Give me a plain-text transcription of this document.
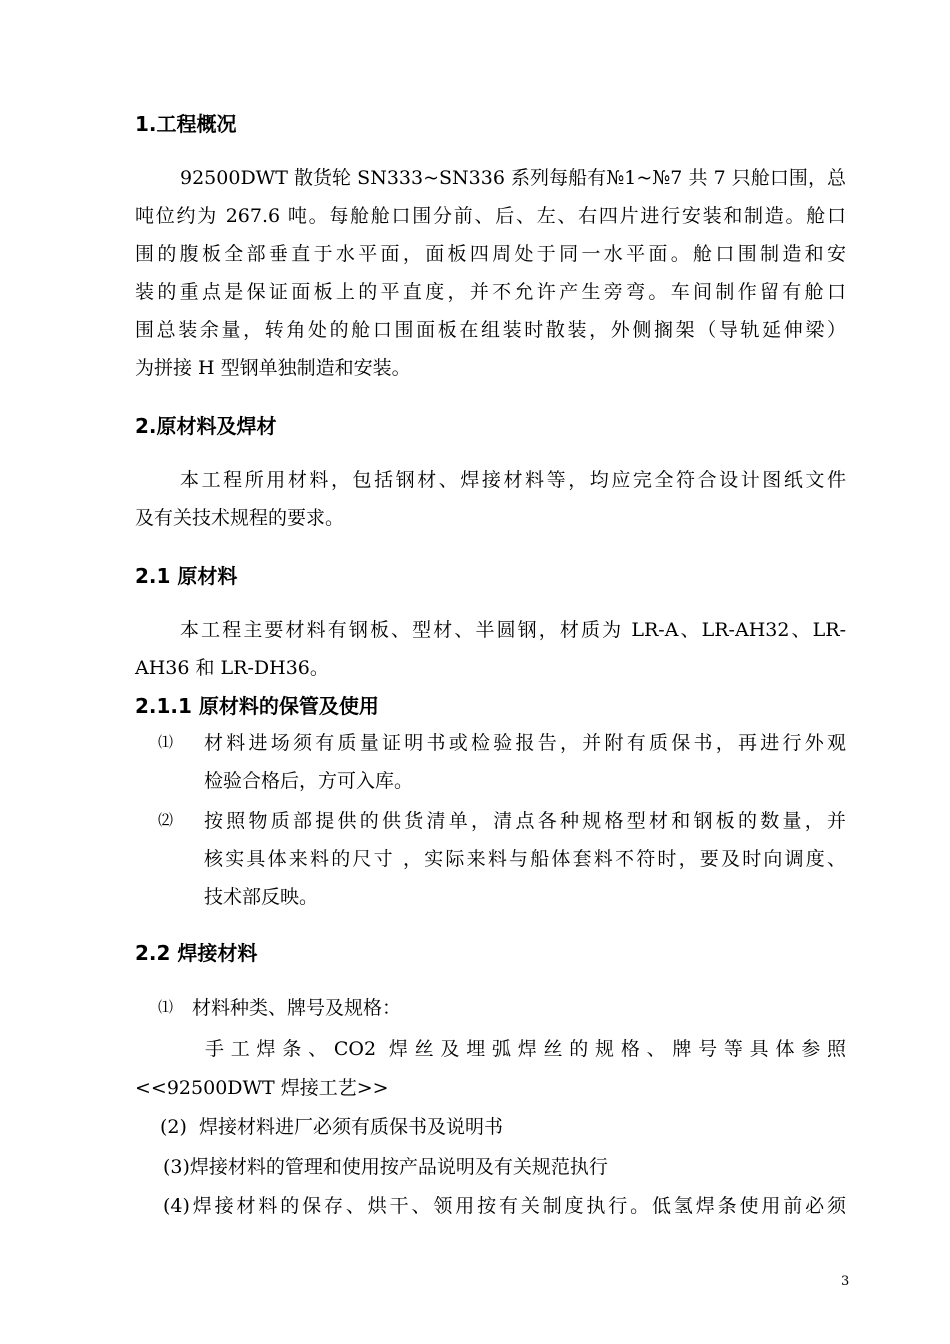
1.工程概况
92500DWT 散货轮 SN333~SN336 系列每船有№1~№7 共 7 只舱口围，总
吨位约为 267.6 吨。每舱舱口围分前、后、左、右四片进行安装和制造。舱口
围的腹板全部垂直于水平面，面板四周处于同一水平面。舱口围制造和安
装的重点是保证面板上的平直度，并不允许产生旁弯。车间制作留有舱口
围总装余量，转角处的舱口围面板在组装时散装，外侧搁架（导轨延伸梁）
为拼接 H 型钢单独制造和安装。
2.原材料及焊材
本工程所用材料，包括钢材、焊接材料等，均应完全符合设计图纸文件
及有关技术规程的要求。
2.1 原材料
本工程主要材料有钢板、型材、半圆钢，材质为 LR-A、LR-AH32、LR-
AH36 和 LR-DH36。
2.1.1 原材料的保管及使用
⑴ 材料进场须有质量证明书或检验报告，并附有质保书，再进行外观
检验合格后，方可入库。
⑵ 按照物质部提供的供货清单，清点各种规格型材和钢板的数量，并
核实具体来料的尺寸 ，实际来料与船体套料不符时，要及时向调度、
技术部反映。
2.2 焊接材料
⑴ 材料种类、牌号及规格：
手工焊条、CO2 焊丝及埋弧焊丝的规格、牌号等具体参照
<<92500DWT 焊接工艺>>
(2)  焊接材料进厂必须有质保书及说明书
(3)焊接材料的管理和使用按产品说明及有关规范执行
(4)焊接材料的保存、烘干、领用按有关制度执行。低氢焊条使用前必须
3
